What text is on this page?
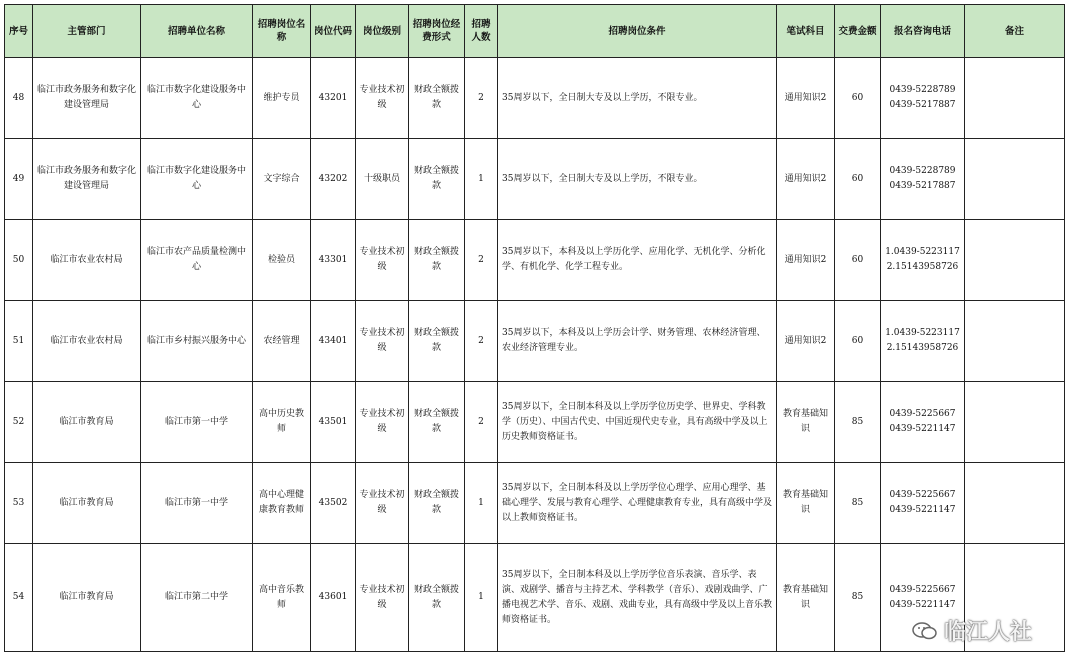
序号	主管部门	招聘单位名称	招聘岗位名称	岗位代码	岗位级别	招聘岗位经费形式	招聘人数	招聘岗位条件	笔试科目	交费金额	报名咨询电话	备注
48	临江市政务服务和数字化建设管理局	临江市数字化建设服务中心	维护专员	43201	专业技术初级	财政全额拨款	2	35周岁以下，全日制大专及以上学历，不限专业。	通用知识2	60	0439-5228789
0439-5217887	

49	临江市政务服务和数字化建设管理局	临江市数字化建设服务中心	文字综合	43202	十级职员	财政全额拨款	1	35周岁以下，全日制大专及以上学历，不限专业。	通用知识2	60	0439-5228789
0439-5217887	

50	临江市农业农村局	临江市农产品质量检测中心	检验员	43301	专业技术初级	财政全额拨款	2	35周岁以下，本科及以上学历化学、应用化学、无机化学、分析化学、有机化学、化学工程专业。	通用知识2	60	1.0439-5223117
2.15143958726	

51	临江市农业农村局	临江市乡村振兴服务中心	农经管理	43401	专业技术初级	财政全额拨款	2	35周岁以下，本科及以上学历会计学、财务管理、农林经济管理、农业经济管理专业。	通用知识2	60	1.0439-5223117
2.15143958726	

52	临江市教育局	临江市第一中学	高中历史教师	43501	专业技术初级	财政全额拨款	2	35周岁以下，全日制本科及以上学历学位历史学、世界史、学科教学（历史）、中国古代史、中国近现代史专业，具有高级中学及以上历史教师资格证书。	教育基础知识	85	0439-5225667
0439-5221147	

53	临江市教育局	临江市第一中学	高中心理健康教育教师	43502	专业技术初级	财政全额拨款	1	35周岁以下，全日制本科及以上学历学位心理学、应用心理学、基础心理学、发展与教育心理学、心理健康教育专业，具有高级中学及以上教师资格证书。	教育基础知识	85	0439-5225667
0439-5221147	

54	临江市教育局	临江市第二中学	高中音乐教师	43601	专业技术初级	财政全额拨款	1	35周岁以下，全日制本科及以上学历学位音乐表演、音乐学、表演、戏剧学、播音与主持艺术、学科教学（音乐）、戏剧戏曲学、广播电视艺术学、音乐、戏剧、戏曲专业，具有高级中学及以上音乐教师资格证书。	教育基础知识	85	0439-5225667
0439-5221147	

临江人社
